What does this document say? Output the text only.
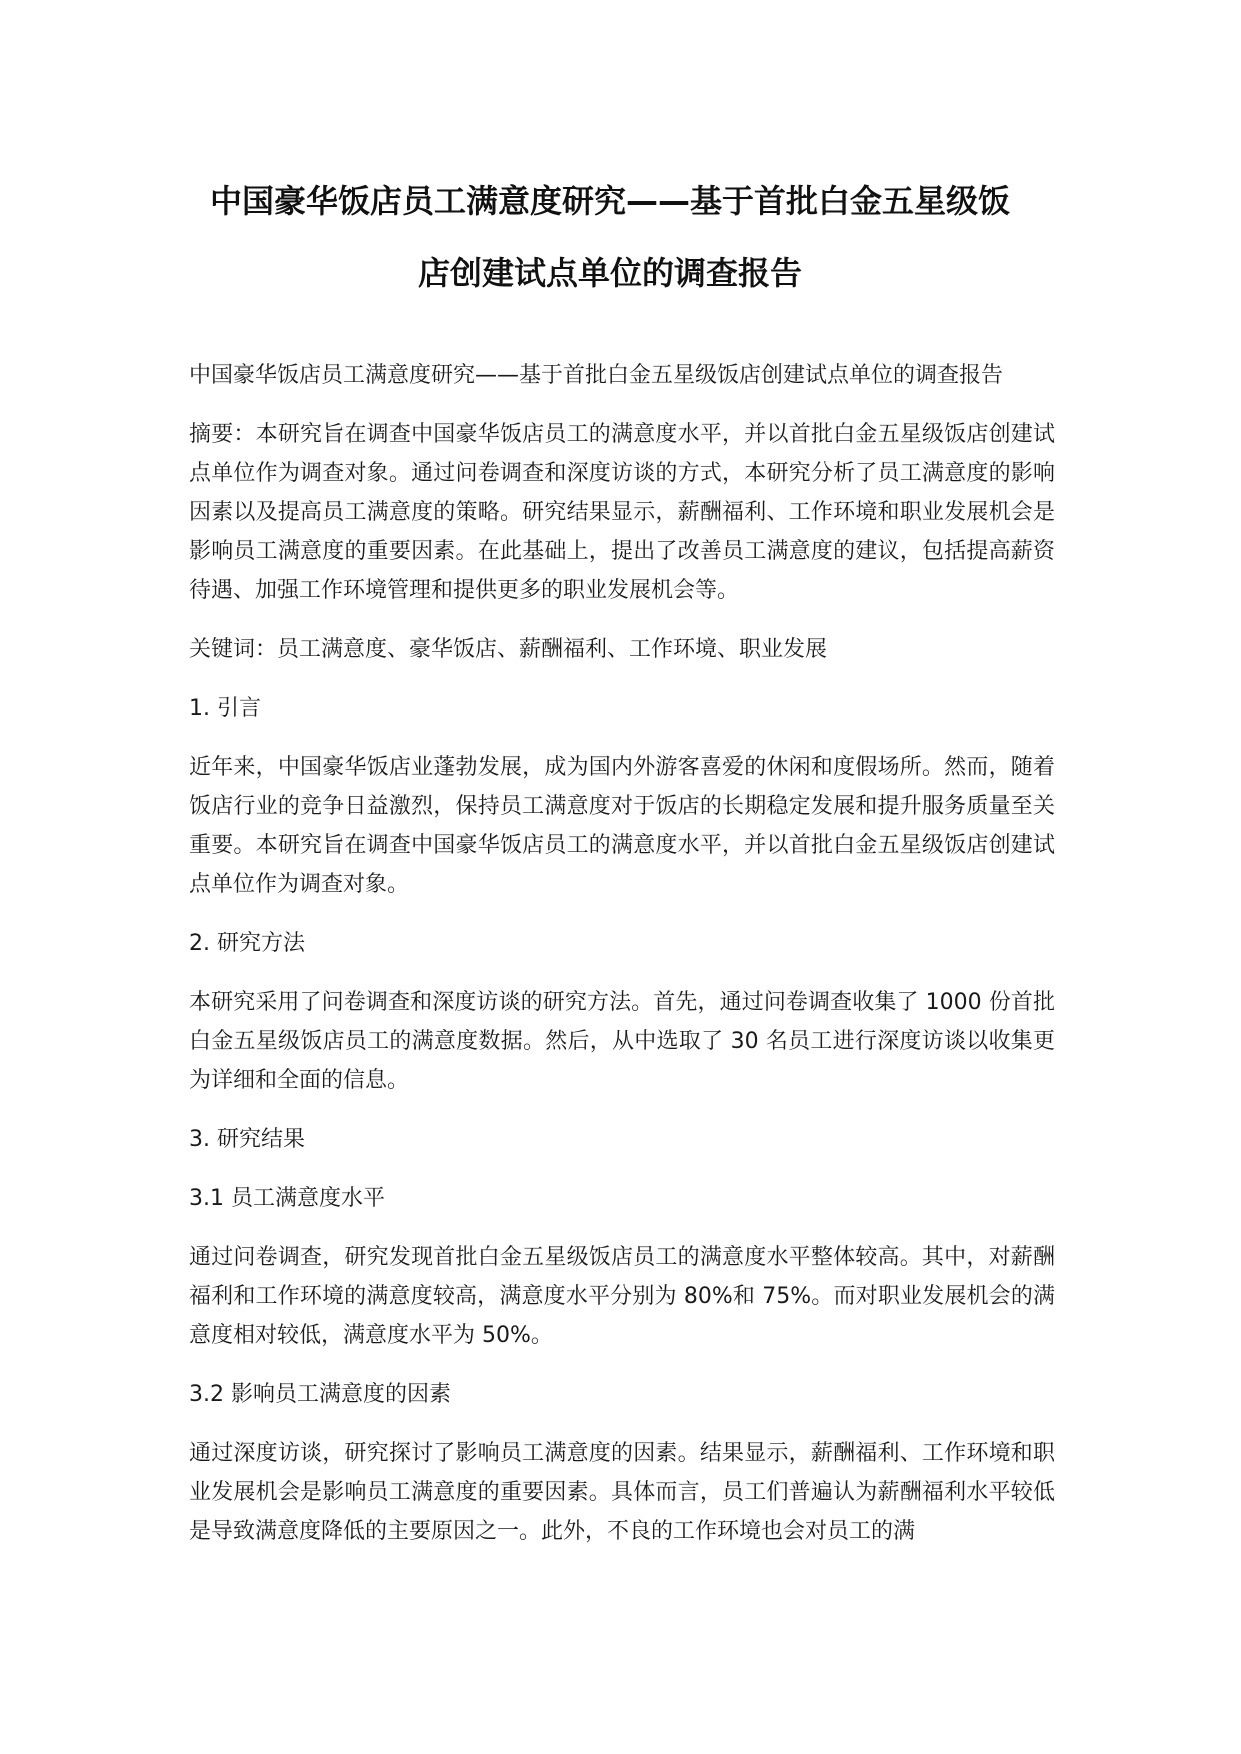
中国豪华饭店员工满意度研究——基于首批白金五星级饭
店创建试点单位的调查报告

中国豪华饭店员工满意度研究——基于首批白金五星级饭店创建试点单位的调查报告

摘要：本研究旨在调查中国豪华饭店员工的满意度水平，并以首批白金五星级饭店创建试点单位作为调查对象。通过问卷调查和深度访谈的方式，本研究分析了员工满意度的影响因素以及提高员工满意度的策略。研究结果显示，薪酬福利、工作环境和职业发展机会是影响员工满意度的重要因素。在此基础上，提出了改善员工满意度的建议，包括提高薪资待遇、加强工作环境管理和提供更多的职业发展机会等。

关键词：员工满意度、豪华饭店、薪酬福利、工作环境、职业发展

1. 引言

近年来，中国豪华饭店业蓬勃发展，成为国内外游客喜爱的休闲和度假场所。然而，随着饭店行业的竞争日益激烈，保持员工满意度对于饭店的长期稳定发展和提升服务质量至关重要。本研究旨在调查中国豪华饭店员工的满意度水平，并以首批白金五星级饭店创建试点单位作为调查对象。

2. 研究方法

本研究采用了问卷调查和深度访谈的研究方法。首先，通过问卷调查收集了 1000 份首批白金五星级饭店员工的满意度数据。然后，从中选取了 30 名员工进行深度访谈以收集更为详细和全面的信息。

3. 研究结果

3.1 员工满意度水平

通过问卷调查，研究发现首批白金五星级饭店员工的满意度水平整体较高。其中，对薪酬福利和工作环境的满意度较高，满意度水平分别为 80%和 75%。而对职业发展机会的满意度相对较低，满意度水平为 50%。

3.2 影响员工满意度的因素

通过深度访谈，研究探讨了影响员工满意度的因素。结果显示，薪酬福利、工作环境和职业发展机会是影响员工满意度的重要因素。具体而言，员工们普遍认为薪酬福利水平较低是导致满意度降低的主要原因之一。此外，不良的工作环境也会对员工的满
